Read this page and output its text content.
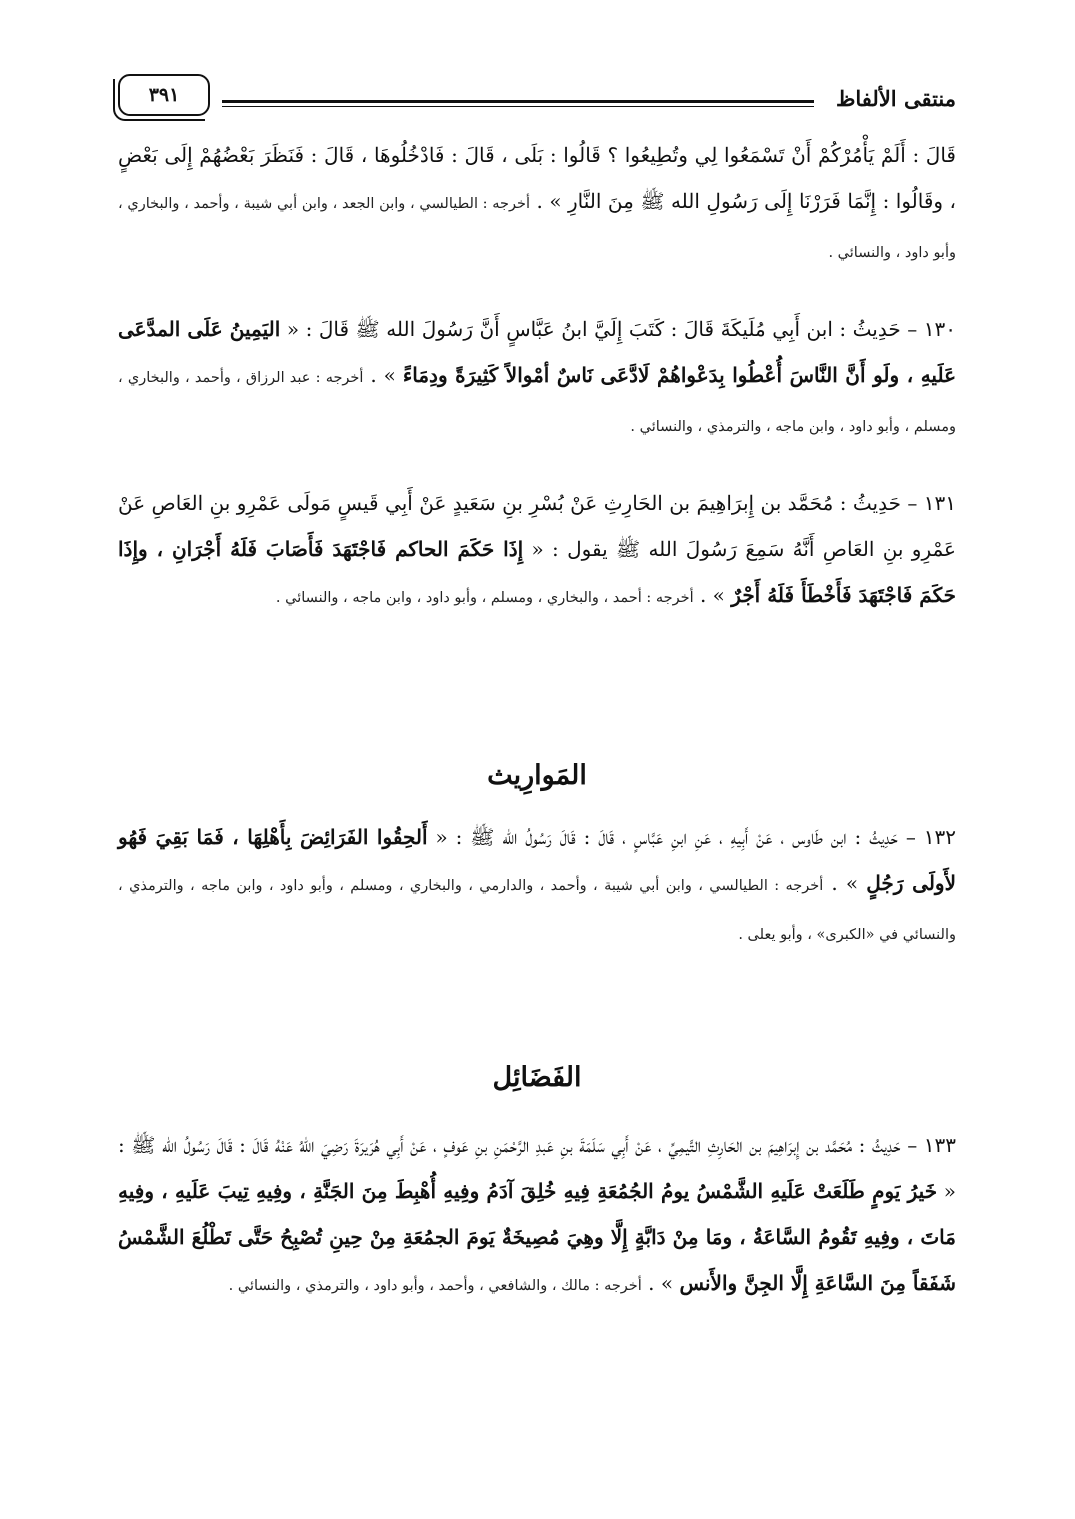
منتقى الألفاظ
٣٩١
قَالَ : أَلَمْ يَأْمُرْكُمْ أَنْ تَسْمَعُوا لِي وتُطِيعُوا ؟ قَالُوا : بَلَى ، قَالَ : فَادْخُلُوهَا ، قَالَ : فَنَظَرَ بَعْضُهُمْ إِلَى بَعْضٍ ، وقَالُوا : إِنَّمَا فَرَرْنَا إِلَى رَسُولِ الله ﷺ مِنَ النَّارِ » . أخرجه : الطيالسي ، وابن الجعد ، وابن أبي شيبة ، وأحمد ، والبخاري ، وأبو داود ، والنسائي .
١٣٠ – حَدِيثُ : ابن أَبِي مُلَيكَةَ قَالَ : كَتَبَ إِلَيَّ ابنُ عَبَّاسٍ أَنَّ رَسُولَ الله ﷺ قَالَ : « اليَمِينُ عَلَى المدَّعَى عَلَيهِ ، ولَو أَنَّ النَّاسَ أُعْطُوا بِدَعْواهُمْ لَادَّعَى نَاسٌ أمْوالاً كَثِيرَةً ودِمَاءً » . أخرجه : عبد الرزاق ، وأحمد ، والبخاري ، ومسلم ، وأبو داود ، وابن ماجه ، والترمذي ، والنسائي .
١٣١ – حَدِيثُ : مُحَمَّد بن إِبرَاهِيمَ بن الحَارِثِ عَنْ بُسْرِ بنِ سَعَيدٍ عَنْ أَبِي قَيسٍ مَولَى عَمْرِو بنِ العَاصِ عَنْ عَمْرِو بنِ العَاصِ أَنَّهُ سَمِعَ رَسُولَ الله ﷺ يقول : « إِذَا حَكَمَ الحاكم فَاجْتَهَدَ فَأَصَابَ فَلَهُ أَجْرَانِ ، وإِذَا حَكَمَ فَاجْتَهَدَ فَأَخْطَأَ فَلَهُ أَجْرٌ » . أخرجه : أحمد ، والبخاري ، ومسلم ، وأبو داود ، وابن ماجه ، والنسائي .
المَوارِيث
١٣٢ – حَدِيثُ : ابن طَاوس ، عَنْ أَبِيهِ ، عَنِ ابنِ عَبَّاسٍ ، قَالَ : قَالَ رَسُولُ الله ﷺ : « أَلحِقُوا الفَرَائِضَ بِأَهْلِهَا ، فَمَا بَقِيَ فَهُو لأَولَى رَجُلٍ » . أخرجه : الطيالسي ، وابن أبي شيبة ، وأحمد ، والدارمي ، والبخاري ، ومسلم ، وأبو داود ، وابن ماجه ، والترمذي ، والنسائي في «الكبرى» ، وأبو يعلى .
الفَضَائِل
١٣٣ – حَدِيثُ : مُحَمَّد بن إِبرَاهِيمَ بن الحَارِثِ التَّيمِيِّ ، عَنْ أَبِي سَلَمَةَ بنِ عَبدِ الرَّحْمَنِ بنِ عَوفٍ ، عَنْ أَبِي هُرَيرَةَ رَضِيَ اللهُ عَنْهُ قَالَ : قَالَ رَسُولُ الله ﷺ : « خَيرُ يَومٍ طَلَعَتْ عَلَيهِ الشَّمْسُ يومُ الجُمُعَةِ فِيهِ خُلِقَ آدَمُ وفِيهِ أُهْبِطَ مِنَ الجَنَّةِ ، وفِيهِ تِيبَ عَلَيهِ ، وفِيهِ مَاتَ ، وفِيهِ تَقُومُ السَّاعَةُ ، ومَا مِنْ دَابَّةٍ إِلَّا وهِيَ مُصِيخَةٌ يَومَ الجمُعَةِ مِنْ حِينِ تُصْبِحُ حَتَّى تَطْلُعَ الشَّمْسُ شَفَقاً مِنَ السَّاعَةِ إِلَّا الجِنَّ والأَنس » . أخرجه : مالك ، والشافعي ، وأحمد ، وأبو داود ، والترمذي ، والنسائي .
